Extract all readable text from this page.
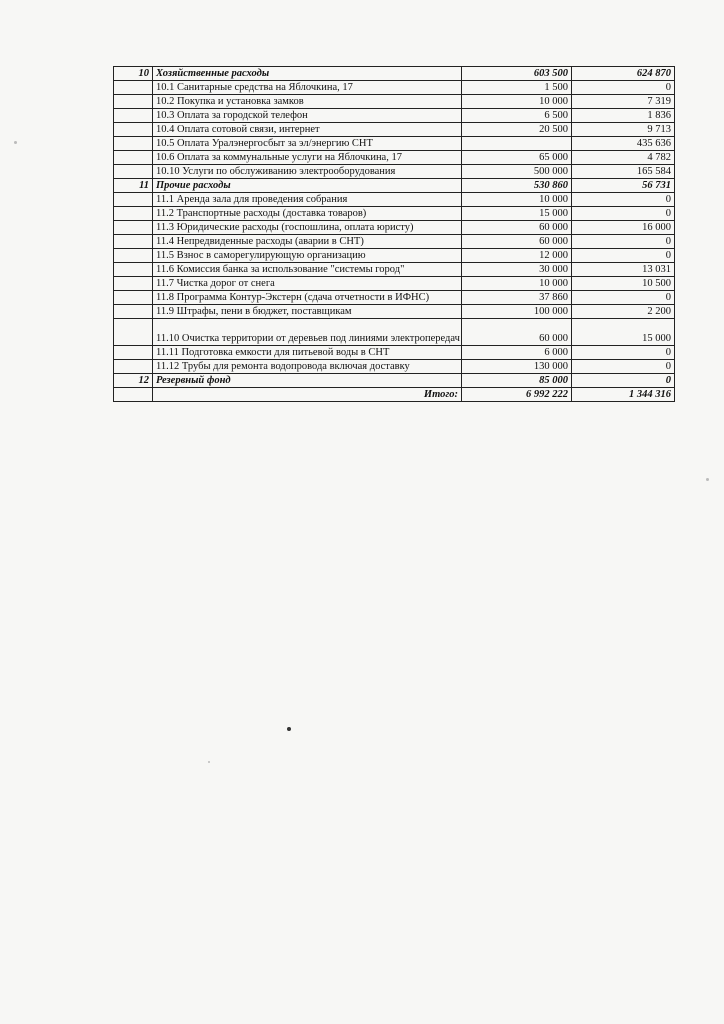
10	Хозяйственные расходы	603 500	624 870
	10.1 Санитарные средства на Яблочкина, 17	1 500	0
	10.2 Покупка и установка замков	10 000	7 319
	10.3 Оплата за городской телефон	6 500	1 836
	10.4 Оплата сотовой связи, интернет	20 500	9 713
	10.5 Оплата Уралэнергосбыт за эл/энергию СНТ		435 636
	10.6 Оплата за коммунальные услуги на Яблочкина, 17	65 000	4 782
	10.10 Услуги по обслуживанию электрооборудования	500 000	165 584
11	Прочие расходы	530 860	56 731
	11.1 Аренда зала для проведения собрания	10 000	0
	11.2 Транспортные расходы (доставка товаров)	15 000	0
	11.3 Юридические расходы (госпошлина, оплата юристу)	60 000	16 000
	11.4 Непредвиденные расходы (аварии в СНТ)	60 000	0
	11.5 Взнос в саморегулирующую организацию	12 000	0
	11.6 Комиссия банка за использование "системы город"	30 000	13 031
	11.7 Чистка дорог от снега	10 000	10 500
	11.8 Программа Контур-Экстерн (сдача отчетности в ИФНС)	37 860	0
	11.9 Штрафы, пени в бюджет, поставщикам	100 000	2 200
	11.10 Очистка территории от деревьев под линиями электропередач	60 000	15 000
	11.11 Подготовка емкости для питьевой воды в СНТ	6 000	0
	11.12 Трубы для ремонта водопровода включая доставку	130 000	0
12	Резервный фонд	85 000	0
	Итого:	6 992 222	1 344 316
